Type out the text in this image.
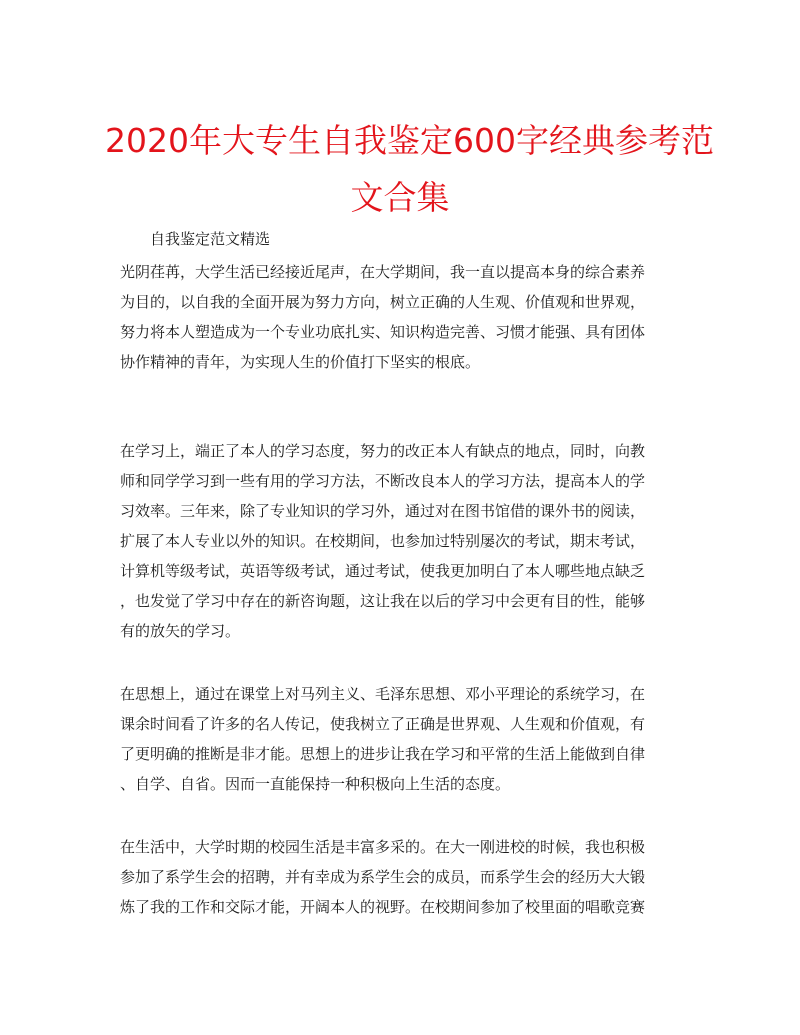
2020年大专生自我鉴定600字经典参考范
文合集

自我鉴定范文精选

光阴荏苒，大学生活已经接近尾声，在大学期间，我一直以提高本身的综合素养
为目的，以自我的全面开展为努力方向，树立正确的人生观、价值观和世界观，
努力将本人塑造成为一个专业功底扎实、知识构造完善、习惯才能强、具有团体
协作精神的青年，为实现人生的价值打下坚实的根底。
在学习上，端正了本人的学习态度，努力的改正本人有缺点的地点，同时，向教
师和同学学习到一些有用的学习方法，不断改良本人的学习方法，提高本人的学
习效率。三年来，除了专业知识的学习外，通过对在图书馆借的课外书的阅读，
扩展了本人专业以外的知识。在校期间，也参加过特别屡次的考试，期末考试，
计算机等级考试，英语等级考试，通过考试，使我更加明白了本人哪些地点缺乏
，也发觉了学习中存在的新咨询题，这让我在以后的学习中会更有目的性，能够
有的放矢的学习。
在思想上，通过在课堂上对马列主义、毛泽东思想、邓小平理论的系统学习，在
课余时间看了许多的名人传记，使我树立了正确是世界观、人生观和价值观，有
了更明确的推断是非才能。思想上的进步让我在学习和平常的生活上能做到自律
、自学、自省。因而一直能保持一种积极向上生活的态度。
在生活中，大学时期的校园生活是丰富多采的。在大一刚进校的时候，我也积极
参加了系学生会的招聘，并有幸成为系学生会的成员，而系学生会的经历大大锻
炼了我的工作和交际才能，开阔本人的视野。在校期间参加了校里面的唱歌竞赛
